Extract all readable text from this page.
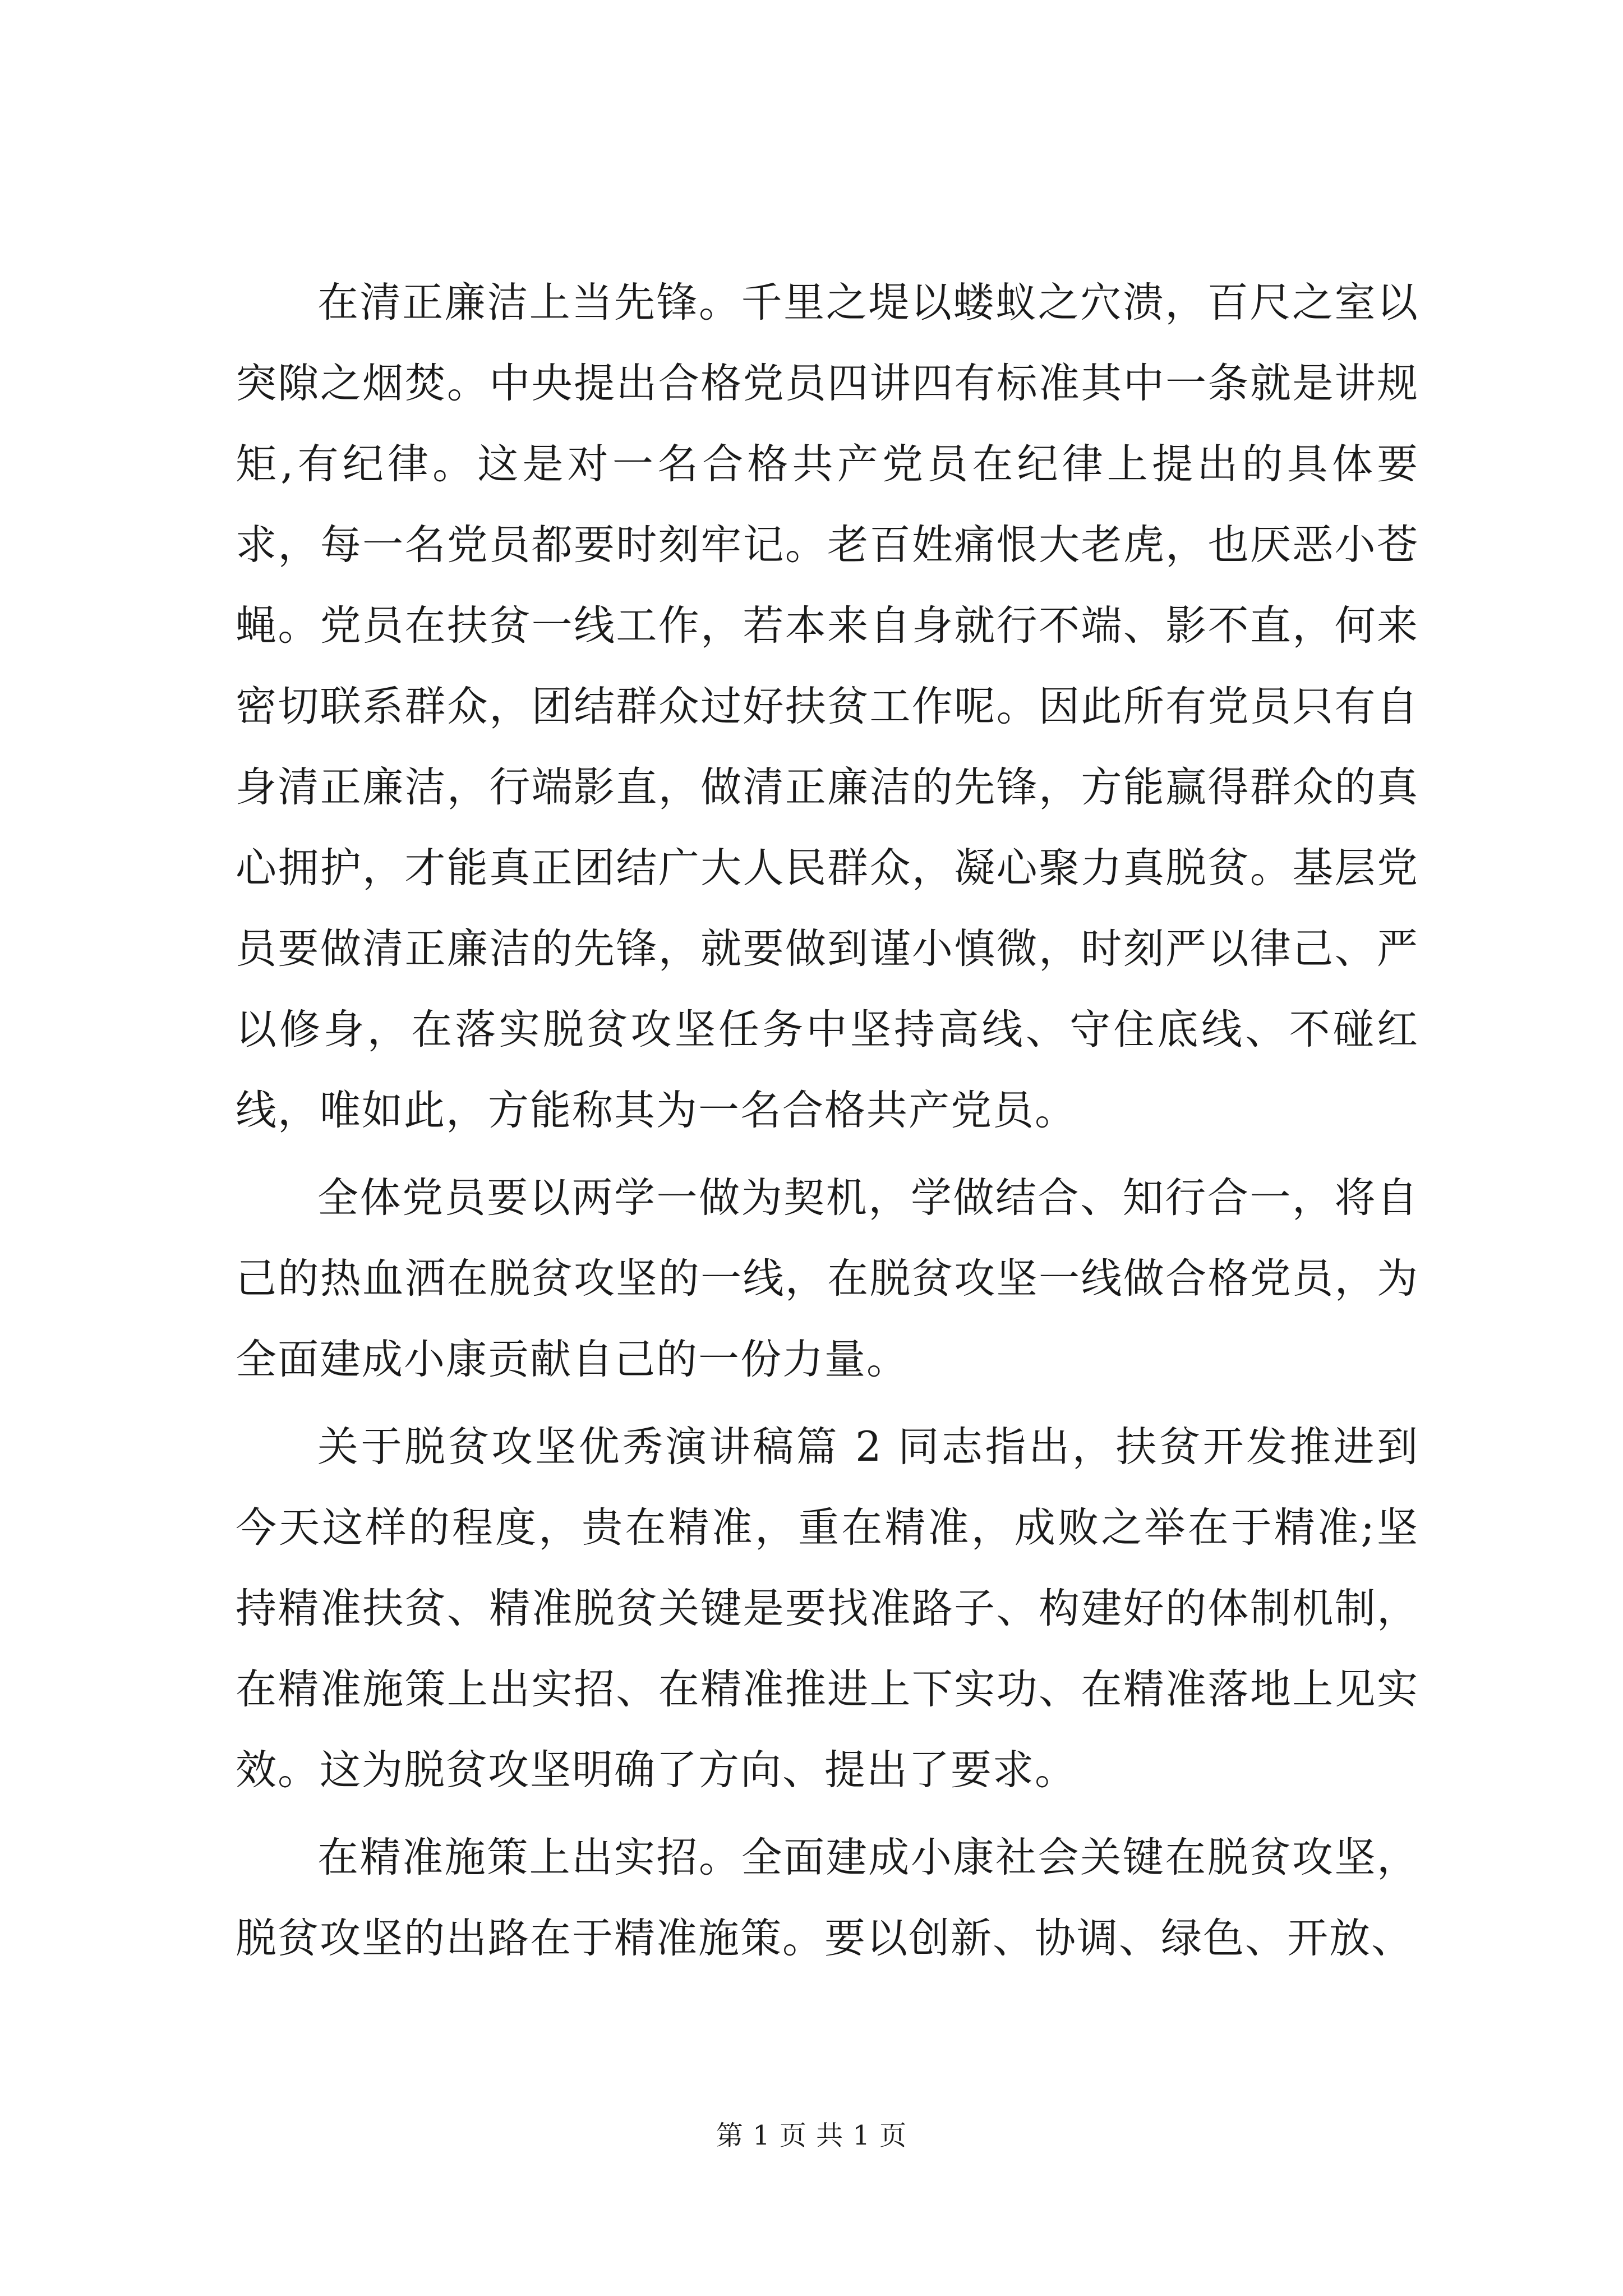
在清正廉洁上当先锋。千里之堤以蝼蚁之穴溃，百尺之室以突隙之烟焚。中央提出合格党员四讲四有标准其中一条就是讲规矩,有纪律。这是对一名合格共产党员在纪律上提出的具体要求，每一名党员都要时刻牢记。老百姓痛恨大老虎，也厌恶小苍蝇。党员在扶贫一线工作，若本来自身就行不端、影不直，何来密切联系群众，团结群众过好扶贫工作呢。因此所有党员只有自身清正廉洁，行端影直，做清正廉洁的先锋，方能赢得群众的真心拥护，才能真正团结广大人民群众，凝心聚力真脱贫。基层党员要做清正廉洁的先锋，就要做到谨小慎微，时刻严以律己、严以修身，在落实脱贫攻坚任务中坚持高线、守住底线、不碰红线，唯如此，方能称其为一名合格共产党员。

全体党员要以两学一做为契机，学做结合、知行合一，将自己的热血洒在脱贫攻坚的一线，在脱贫攻坚一线做合格党员，为全面建成小康贡献自己的一份力量。

关于脱贫攻坚优秀演讲稿篇 2 同志指出，扶贫开发推进到今天这样的程度，贵在精准，重在精准，成败之举在于精准;坚持精准扶贫、精准脱贫关键是要找准路子、构建好的体制机制，在精准施策上出实招、在精准推进上下实功、在精准落地上见实效。这为脱贫攻坚明确了方向、提出了要求。

在精准施策上出实招。全面建成小康社会关键在脱贫攻坚，脱贫攻坚的出路在于精准施策。要以创新、协调、绿色、开放、

第 1 页 共 1 页
